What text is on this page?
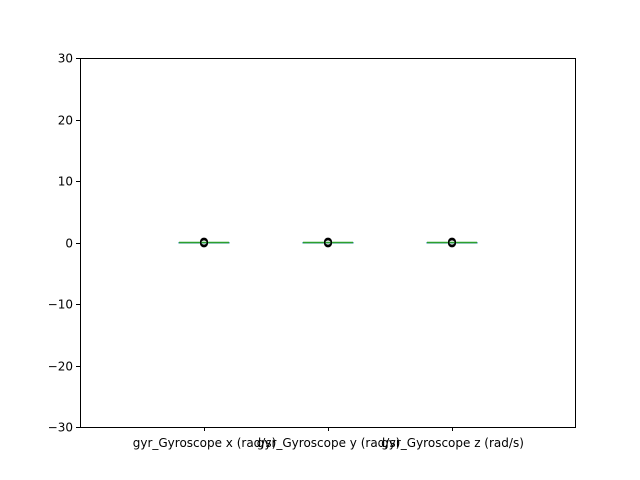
−30
−20
−10
0
10
20
30
gyr_Gyroscope x (rad/s)
gyr_Gyroscope y (rad/s)
gyr_Gyroscope z (rad/s)
